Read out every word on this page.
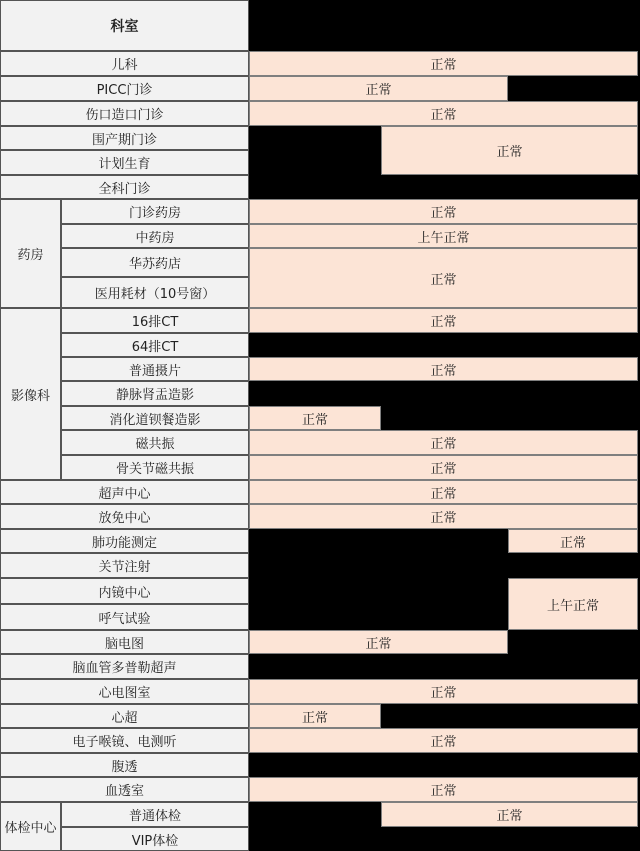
科室
儿科
PICC门诊
伤口造口门诊
围产期门诊
计划生育
全科门诊
药房
门诊药房
中药房
华苏药店
医用耗材（10号窗）
影像科
16排CT
64排CT
普通摄片
静脉肾盂造影
消化道钡餐造影
磁共振
骨关节磁共振
超声中心
放免中心
肺功能测定
关节注射
内镜中心
呼气试验
脑电图
脑血管多普勒超声
心电图室
心超
电子喉镜、电测听
腹透
血透室
体检中心
普通体检
VIP体检
正常
正常
正常
正常
正常
上午正常
正常
正常
正常
正常
正常
正常
正常
正常
正常
上午正常
正常
正常
正常
正常
正常
正常
